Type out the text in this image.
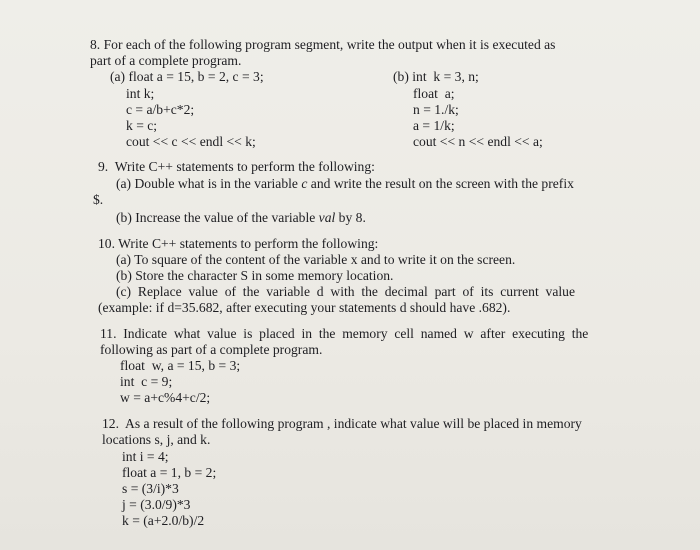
8. For each of the following program segment, write the output when it is executed as
part of a complete program.
(a) float a = 15, b = 2, c = 3;
int k;
c = a/b+c*2;
k = c;
cout << c << endl << k;
(b) int  k = 3, n;
float  a;
n = 1./k;
a = 1/k;
cout << n << endl << a;
9.  Write C++ statements to perform the following:
(a) Double what is in the variable c and write the result on the screen with the prefix
$.
(b) Increase the value of the variable val by 8.
10. Write C++ statements to perform the following:
(a) To square of the content of the variable x and to write it on the screen.
(b) Store the character S in some memory location.
(c)  Replace  value  of  the  variable  d  with  the  decimal  part  of  its  current  value
(example: if d=35.682, after executing your statements d should have .682).
11.  Indicate  what  value  is  placed  in  the  memory  cell  named  w  after  executing  the
following as part of a complete program.
float  w, a = 15, b = 3;
int  c = 9;
w = a+c%4+c/2;
12.  As a result of the following program , indicate what value will be placed in memory
locations s, j, and k.
int i = 4;
float a = 1, b = 2;
s = (3/i)*3
j = (3.0/9)*3
k = (a+2.0/b)/2
